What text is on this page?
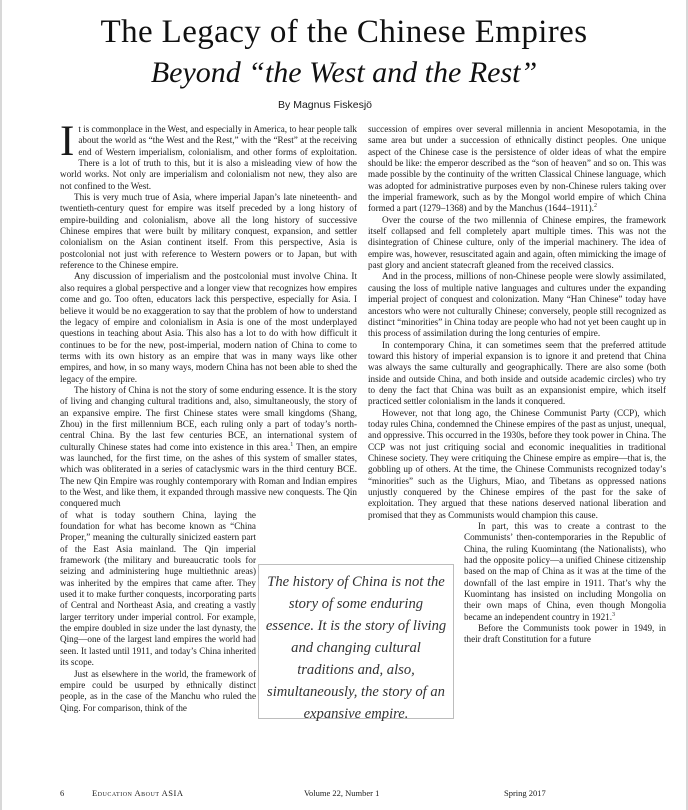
The Legacy of the Chinese Empires
Beyond “the West and the Rest”
By Magnus Fiskesjö

It is commonplace in the West, and especially in America, to hear people talk about the world as “the West and the Rest,” with the “Rest” at the receiving end of Western imperialism, colonialism, and other forms of exploitation. There is a lot of truth to this, but it is also a misleading view of how the world works. Not only are imperialism and colonialism not new, they also are not confined to the West.

This is very much true of Asia, where imperial Japan’s late nineteenth- and twentieth-century quest for empire was itself preceded by a long history of empire-building and colonialism, above all the long history of successive Chinese empires that were built by military conquest, expansion, and settler colonialism on the Asian continent itself. From this perspective, Asia is postcolonial not just with reference to Western powers or to Japan, but with reference to the Chinese empire.

Any discussion of imperialism and the postcolonial must involve China. It also requires a global perspective and a longer view that recognizes how empires come and go. Too often, educators lack this perspective, especially for Asia. I believe it would be no exaggeration to say that the problem of how to understand the legacy of empire and colonialism in Asia is one of the most underplayed questions in teaching about Asia. This also has a lot to do with how difficult it continues to be for the new, post-imperial, modern nation of China to come to terms with its own history as an empire that was in many ways like other empires, and how, in so many ways, modern China has not been able to shed the legacy of the empire.

The history of China is not the story of some enduring essence. It is the story of living and changing cultural traditions and, also, simultaneously, the story of an expansive empire. The first Chinese states were small kingdoms (Shang, Zhou) in the first millennium BCE, each ruling only a part of today’s north-central China. By the last few centuries BCE, an international system of culturally Chinese states had come into existence in this area.$^1$ Then, an empire was launched, for the first time, on the ashes of this system of smaller states, which was obliterated in a series of cataclysmic wars in the third century BCE. The new Qin Empire was roughly contemporary with Roman and Indian empires to the West, and like them, it expanded through massive new conquests. The Qin conquered much

of what is today southern China, laying the foundation for what has become known as “China Proper,” meaning the culturally sinicized eastern part of the East Asia mainland. The Qin imperial framework (the military and bureaucratic tools for seizing and administering huge multiethnic areas) was inherited by the empires that came after. They used it to make further conquests, incorporating parts of Central and Northeast Asia, and creating a vastly larger territory under imperial control. For example, the empire doubled in size under the last dynasty, the Qing—one of the largest land empires the world had seen. It lasted until 1911, and today’s China inherited its scope.

Just as elsewhere in the world, the framework of empire could be usurped by ethnically distinct people, as in the case of the Manchu who ruled the Qing. For comparison, think of the

succession of empires over several millennia in ancient Mesopotamia, in the same area but under a succession of ethnically distinct peoples. One unique aspect of the Chinese case is the persistence of older ideas of what the empire should be like: the emperor described as the “son of heaven” and so on. This was made possible by the continuity of the written Classical Chinese language, which was adopted for administrative purposes even by non-Chinese rulers taking over the imperial framework, such as by the Mongol world empire of which China formed a part (1279–1368) and by the Manchus (1644–1911).$^2$

Over the course of the two millennia of Chinese empires, the framework itself collapsed and fell completely apart multiple times. This was not the disintegration of Chinese culture, only of the imperial machinery. The idea of empire was, however, resuscitated again and again, often mimicking the image of past glory and ancient statecraft gleaned from the received classics.

And in the process, millions of non-Chinese people were slowly assimilated, causing the loss of multiple native languages and cultures under the expanding imperial project of conquest and colonization. Many “Han Chinese” today have ancestors who were not culturally Chinese; conversely, people still recognized as distinct “minorities” in China today are people who had not yet been caught up in this process of assimilation during the long centuries of empire.

In contemporary China, it can sometimes seem that the preferred attitude toward this history of imperial expansion is to ignore it and pretend that China was always the same culturally and geographically. There are also some (both inside and outside China, and both inside and outside academic circles) who try to deny the fact that China was built as an expansionist empire, which itself practiced settler colonialism in the lands it conquered.

However, not that long ago, the Chinese Communist Party (CCP), which today rules China, condemned the Chinese empires of the past as unjust, unequal, and oppressive. This occurred in the 1930s, before they took power in China. The CCP was not just critiquing social and economic inequalities in traditional Chinese society. They were critiquing the Chinese empire as empire—that is, the gobbling up of others. At the time, the Chinese Communists recognized today’s “minorities” such as the Uighurs, Miao, and Tibetans as oppressed nations unjustly conquered by the Chinese empires of the past for the sake of exploitation. They argued that these nations deserved national liberation and promised that they as Communists would champion this cause.

In part, this was to create a contrast to the Communists’ then-contemporaries in the Republic of China, the ruling Kuomintang (the Nationalists), who had the opposite policy—a unified Chinese citizenship based on the map of China as it was at the time of the downfall of the last empire in 1911. That’s why the Kuomintang has insisted on including Mongolia on their own maps of China, even though Mongolia became an independent country in 1921.$^3$

Before the Communists took power in 1949, in their draft Constitution for a future

The history of China is not the story of some enduring essence. It is the story of living and changing cultural traditions and, also, simultaneously, the story of an expansive empire.
6	Education About ASIA	Volume 22, Number 1	Spring 2017
